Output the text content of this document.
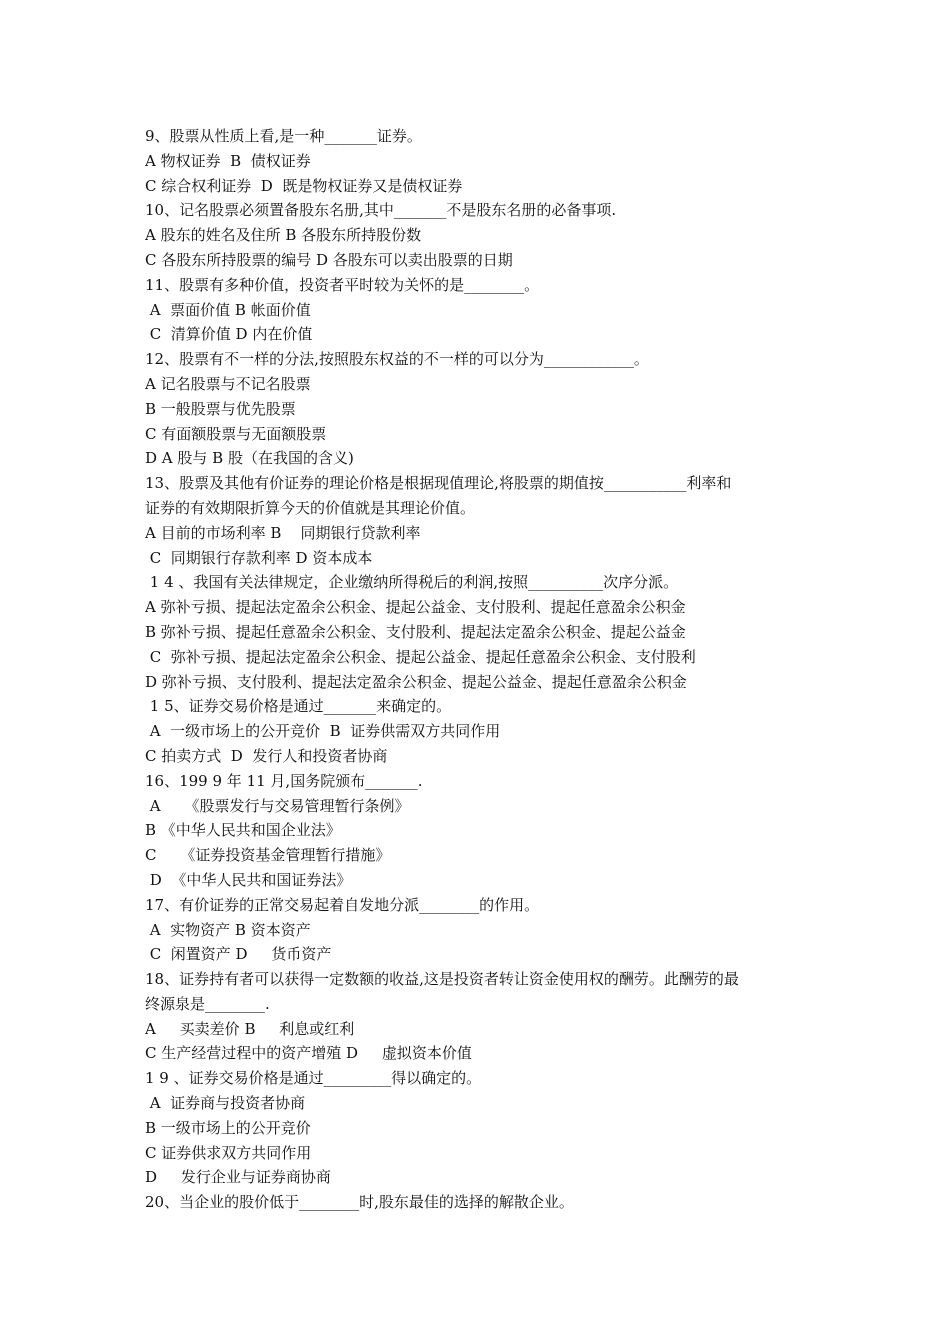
9、股票从性质上看,是一种_______证券。
A 物权证券  B  债权证券
C 综合权利证券  D  既是物权证券又是债权证券
10、记名股票必须置备股东名册,其中_______不是股东名册的必备事项.
A 股东的姓名及住所 B 各股东所持股份数
C 各股东所持股票的编号 D 各股东可以卖出股票的日期
11、股票有多种价值，投资者平时较为关怀的是________。
A  票面价值 B 帐面价值
C  清算价值 D 内在价值
12、股票有不一样的分法,按照股东权益的不一样的可以分为____________。
A 记名股票与不记名股票
B 一般股票与优先股票
C 有面额股票与无面额股票
D A 股与 B 股（在我国的含义)
13、股票及其他有价证券的理论价格是根据现值理论,将股票的期值按___________利率和
证券的有效期限折算今天的价值就是其理论价值。
A 目前的市场利率 B    同期银行贷款利率
C  同期银行存款利率 D 资本成本
1 4 、我国有关法律规定，企业缴纳所得税后的利润,按照__________次序分派。
A 弥补亏损、提起法定盈余公积金、提起公益金、支付股利、提起任意盈余公积金
B 弥补亏损、提起任意盈余公积金、支付股利、提起法定盈余公积金、提起公益金
C  弥补亏损、提起法定盈余公积金、提起公益金、提起任意盈余公积金、支付股利
D 弥补亏损、支付股利、提起法定盈余公积金、提起公益金、提起任意盈余公积金
1 5、证券交易价格是通过_______来确定的。
A  一级市场上的公开竞价  B  证券供需双方共同作用
C 拍卖方式  D  发行人和投资者协商
16、199 9 年 11 月,国务院颁布_______.
A     《股票发行与交易管理暂行条例》
B 《中华人民共和国企业法》
C     《证券投资基金管理暂行措施》
D  《中华人民共和国证券法》
17、有价证券的正常交易起着自发地分派________的作用。
A  实物资产 B 资本资产
C  闲置资产 D     货币资产
18、证券持有者可以获得一定数额的收益,这是投资者转让资金使用权的酬劳。此酬劳的最
终源泉是________.
A     买卖差价 B     利息或红利
C 生产经营过程中的资产增殖 D     虚拟资本价值
1 9 、证券交易价格是通过_________得以确定的。
A  证券商与投资者协商
B 一级市场上的公开竞价
C 证券供求双方共同作用
D     发行企业与证券商协商
20、当企业的股价低于________时,股东最佳的选择的解散企业。
